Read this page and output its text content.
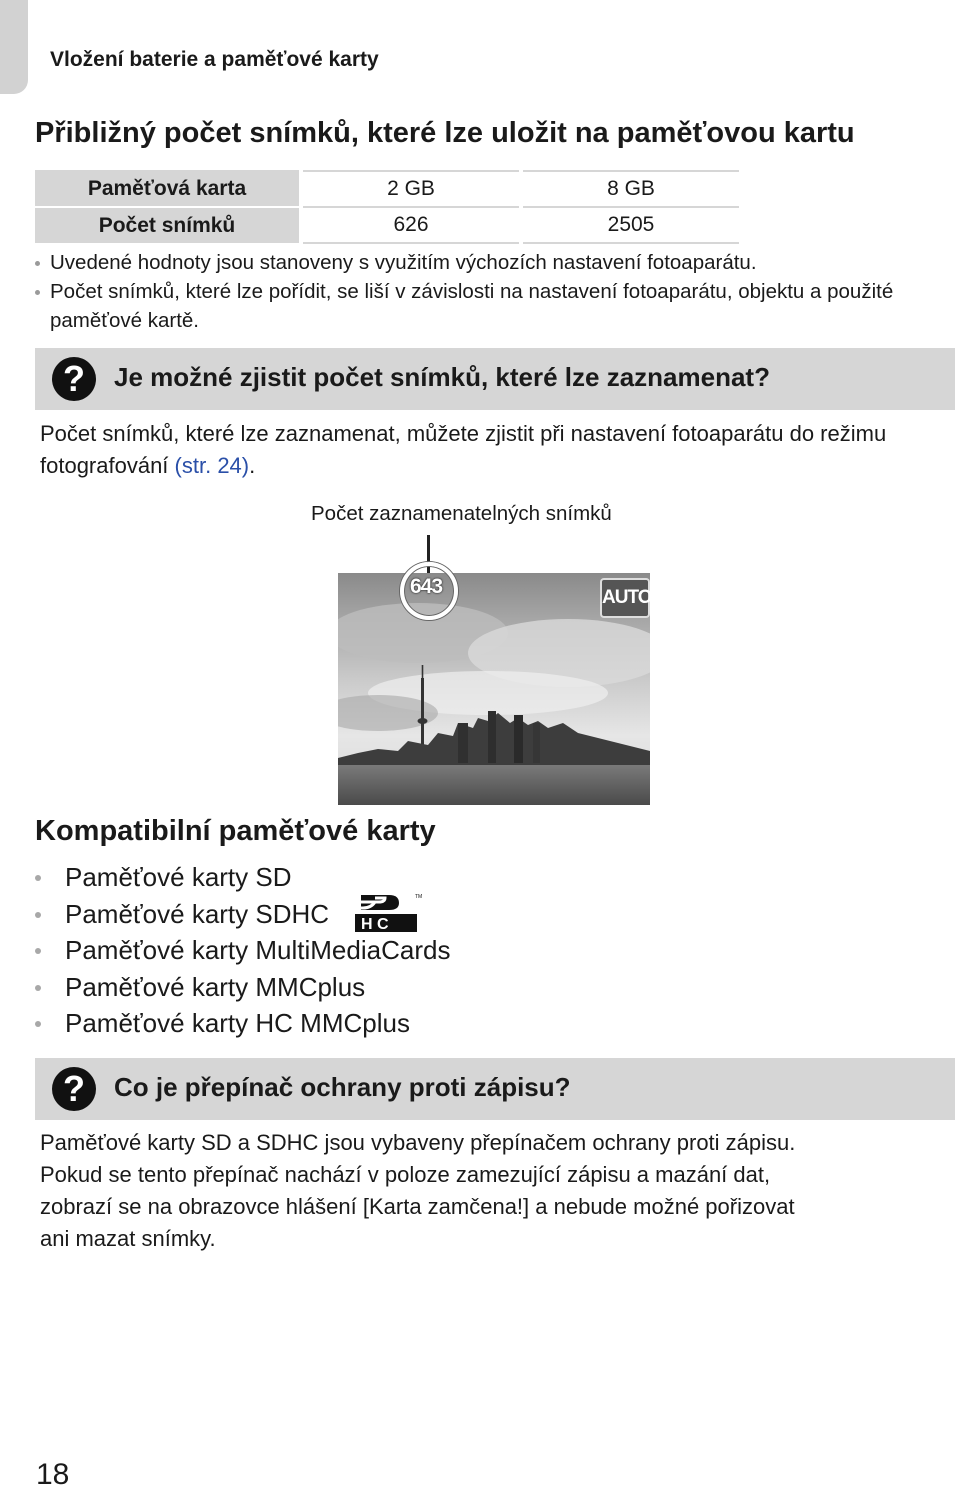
Vložení baterie a paměťové karty
Přibližný počet snímků, které lze uložit na paměťovou kartu
Paměťová karta	2 GB	8 GB
Počet snímků	626	2505
Uvedené hodnoty jsou stanoveny s využitím výchozích nastavení fotoaparátu.
Počet snímků, které lze pořídit, se liší v závislosti na nastavení fotoaparátu, objektu a použité paměťové kartě.
?	Je možné zjistit počet snímků, které lze zaznamenat?
Počet snímků, které lze zaznamenat, můžete zjistit při nastavení fotoaparátu do režimu fotografování (str. 24).
Počet zaznamenatelných snímků
643	AUTO
Kompatibilní paměťové karty
Paměťové karty SD
Paměťové karty SDHC
Paměťové karty MultiMediaCards
Paměťové karty MMCplus
Paměťové karty HC MMCplus
H C
TM
?	Co je přepínač ochrany proti zápisu?
Paměťové karty SD a SDHC jsou vybaveny přepínačem ochrany proti zápisu.
Pokud se tento přepínač nachází v poloze zamezující zápisu a mazání dat,
zobrazí se na obrazovce hlášení [Karta zamčena!] a nebude možné pořizovat
ani mazat snímky.
18
